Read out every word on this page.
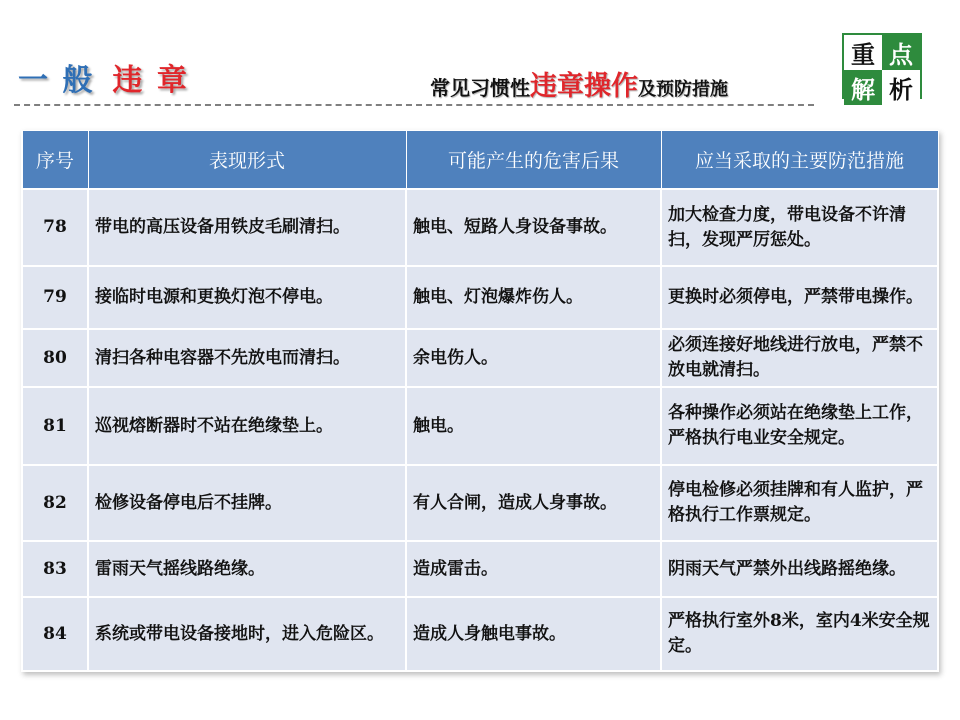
一 般 违 章	常见习惯性违章操作及预防措施
重 点
解 析
序号	表现形式	可能产生的危害后果	应当采取的主要防范措施
78	带电的高压设备用铁皮毛刷清扫。	触电、短路人身设备事故。	加大检查力度，带电设备不许清扫，发现严厉惩处。
79	接临时电源和更换灯泡不停电。	触电、灯泡爆炸伤人。	更换时必须停电，严禁带电操作。
80	清扫各种电容器不先放电而清扫。	余电伤人。	必须连接好地线进行放电，严禁不放电就清扫。
81	巡视熔断器时不站在绝缘垫上。	触电。	各种操作必须站在绝缘垫上工作，严格执行电业安全规定。
82	检修设备停电后不挂牌。	有人合闸，造成人身事故。	停电检修必须挂牌和有人监护，严格执行工作票规定。
83	雷雨天气摇线路绝缘。	造成雷击。	阴雨天气严禁外出线路摇绝缘。
84	系统或带电设备接地时，进入危险区。	造成人身触电事故。	严格执行室外8米，室内4米安全规定。
